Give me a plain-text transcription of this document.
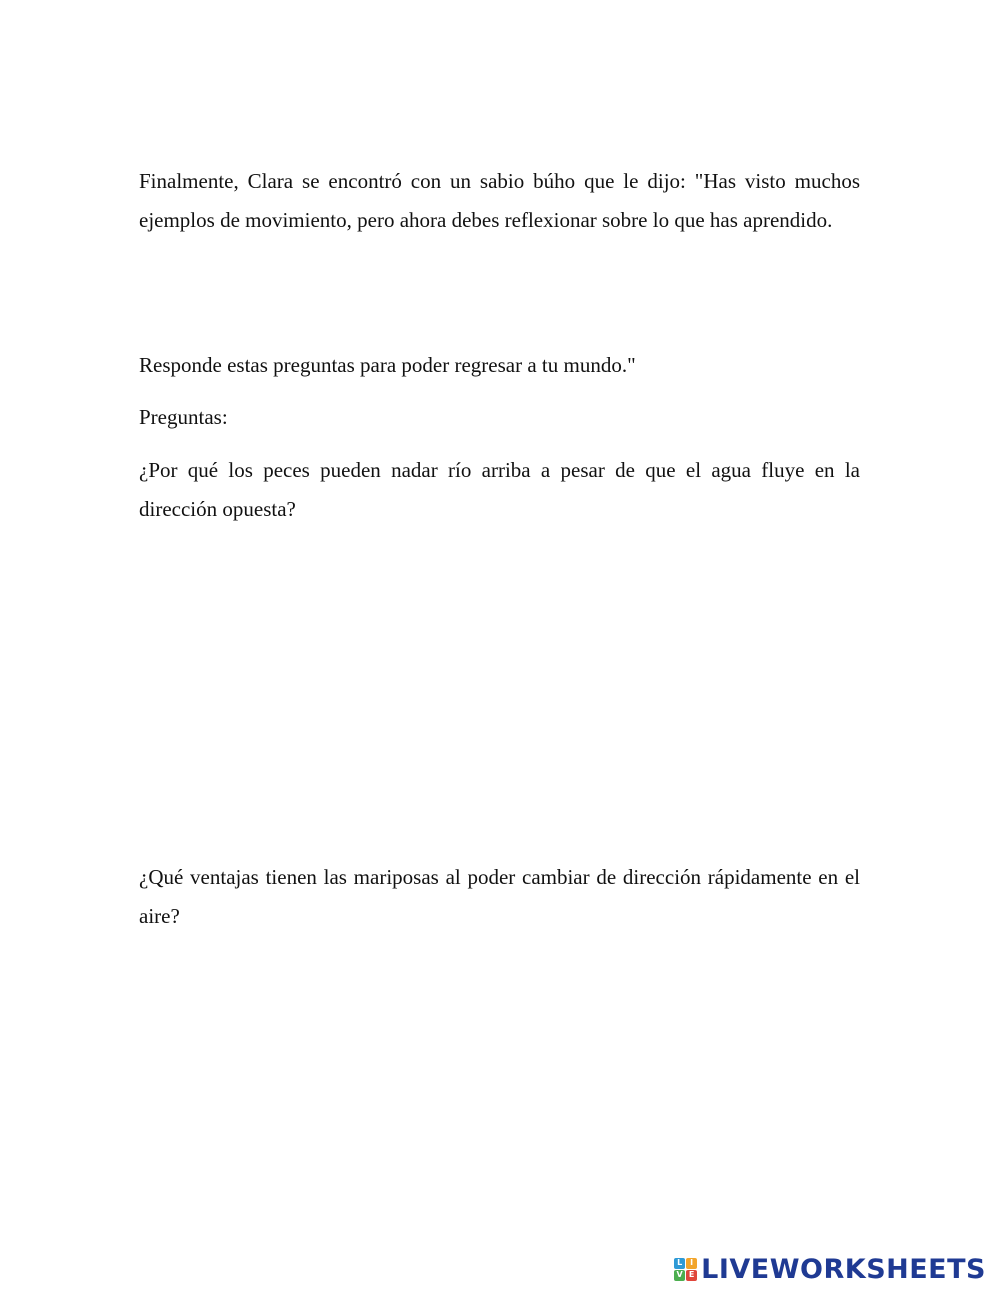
Finalmente, Clara se encontró con un sabio búho que le dijo: "Has visto muchos ejemplos de movimiento, pero ahora debes reflexionar sobre lo que has aprendido.

Responde estas preguntas para poder regresar a tu mundo."

Preguntas:

¿Por qué los peces pueden nadar río arriba a pesar de que el agua fluye en la dirección opuesta?

¿Qué ventajas tienen las mariposas al poder cambiar de dirección rápidamente en el aire?

L I
V E LIVEWORKSHEETS
